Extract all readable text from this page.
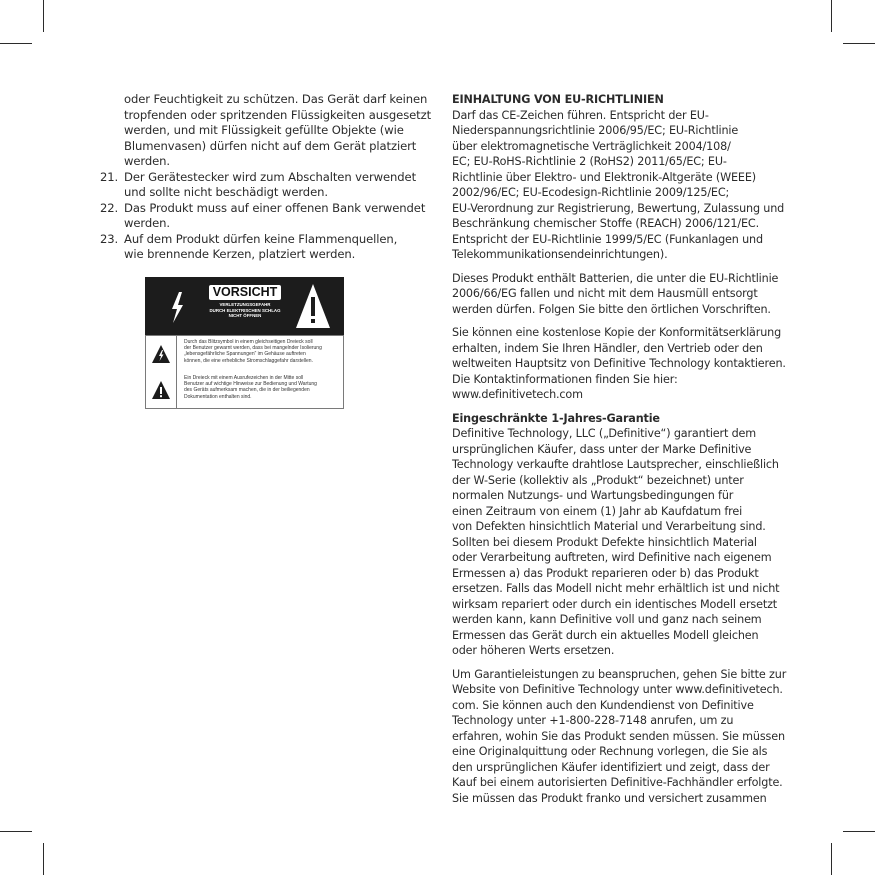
oder Feuchtigkeit zu schützen. Das Gerät darf keinen
tropfenden oder spritzenden Flüssigkeiten ausgesetzt
werden, und mit Flüssigkeit gefüllte Objekte (wie
Blumenvasen) dürfen nicht auf dem Gerät platziert
werden.
21. Der Gerätestecker wird zum Abschalten verwendet
und sollte nicht beschädigt werden.
22. Das Produkt muss auf einer offenen Bank verwendet
werden.
23. Auf dem Produkt dürfen keine Flammenquellen,
wie brennende Kerzen, platziert werden.
VORSICHT
VERLETZUNGSGEFAHR
DURCH ELEKTRISCHEN SCHLAG
NICHT ÖFFNEN
Durch das Blitzsymbol in einem gleichseitigen Dreieck soll
der Benutzer gewarnt werden, dass bei mangelnder Isolierung
„lebensgefährliche Spannungen“ im Gehäuse auftreten
können, die eine erhebliche Stromschlaggefahr darstellen.
Ein Dreieck mit einem Ausrufezeichen in der Mitte soll
Benutzer auf wichtige Hinweise zur Bedienung und Wartung
des Geräts aufmerksam machen, die in der beiliegenden
Dokumentation enthalten sind.

EINHALTUNG VON EU-RICHTLINIEN
Darf das CE-Zeichen führen. Entspricht der EU-
Niederspannungsrichtlinie 2006/95/EC; EU-Richtlinie
über elektromagnetische Verträglichkeit 2004/108/
EC; EU-RoHS-Richtlinie 2 (RoHS2) 2011/65/EC; EU-
Richtlinie über Elektro- und Elektronik-Altgeräte (WEEE)
2002/96/EC; EU-Ecodesign-Richtlinie 2009/125/EC;
EU-Verordnung zur Registrierung, Bewertung, Zulassung und
Beschränkung chemischer Stoffe (REACH) 2006/121/EC.
Entspricht der EU-Richtlinie 1999/5/EC (Funkanlagen und
Telekommunikationsendeinrichtungen).

Dieses Produkt enthält Batterien, die unter die EU-Richtlinie
2006/66/EG fallen und nicht mit dem Hausmüll entsorgt
werden dürfen. Folgen Sie bitte den örtlichen Vorschriften.

Sie können eine kostenlose Kopie der Konformitätserklärung
erhalten, indem Sie Ihren Händler, den Vertrieb oder den
weltweiten Hauptsitz von Definitive Technology kontaktieren.
Die Kontaktinformationen finden Sie hier:
www.definitivetech.com

Eingeschränkte 1-Jahres-Garantie
Definitive Technology, LLC („Definitive“) garantiert dem
ursprünglichen Käufer, dass unter der Marke Definitive
Technology verkaufte drahtlose Lautsprecher, einschließlich
der W-Serie (kollektiv als „Produkt“ bezeichnet) unter
normalen Nutzungs- und Wartungsbedingungen für
einen Zeitraum von einem (1) Jahr ab Kaufdatum frei
von Defekten hinsichtlich Material und Verarbeitung sind.
Sollten bei diesem Produkt Defekte hinsichtlich Material
oder Verarbeitung auftreten, wird Definitive nach eigenem
Ermessen a) das Produkt reparieren oder b) das Produkt
ersetzen. Falls das Modell nicht mehr erhältlich ist und nicht
wirksam repariert oder durch ein identisches Modell ersetzt
werden kann, kann Definitive voll und ganz nach seinem
Ermessen das Gerät durch ein aktuelles Modell gleichen
oder höheren Werts ersetzen.

Um Garantieleistungen zu beanspruchen, gehen Sie bitte zur
Website von Definitive Technology unter www.definitivetech.
com. Sie können auch den Kundendienst von Definitive
Technology unter +1-800-228-7148 anrufen, um zu
erfahren, wohin Sie das Produkt senden müssen. Sie müssen
eine Originalquittung oder Rechnung vorlegen, die Sie als
den ursprünglichen Käufer identifiziert und zeigt, dass der
Kauf bei einem autorisierten Definitive-Fachhändler erfolgte.
Sie müssen das Produkt franko und versichert zusammen
